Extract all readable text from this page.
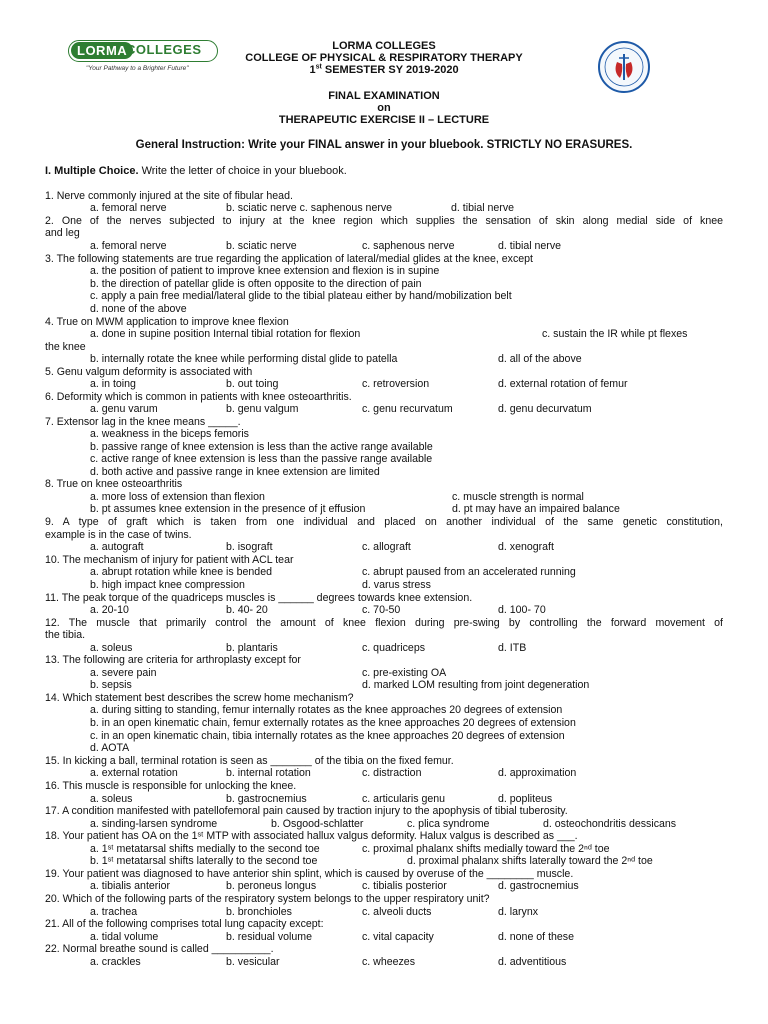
LORMA
COLLEGES
"Your Pathway to a Brighter Future"
LORMA COLLEGES
COLLEGE OF PHYSICAL & RESPIRATORY THERAPY
1st SEMESTER SY 2019-2020
FINAL EXAMINATION
on
THERAPEUTIC EXERCISE II – LECTURE
General Instruction: Write your FINAL answer in your bluebook. STRICTLY NO ERASURES.
I. Multiple Choice. Write the letter of choice in your bluebook.
1. Nerve commonly injured at the site of fibular head.
a. femoral nerve	b. sciatic nerve c. saphenous nerve	d. tibial nerve
2. One of the nerves subjected to injury at the knee region which supplies the sensation of skin along medial side of knee
and leg
a. femoral nerve	b. sciatic nerve	c. saphenous nerve	d. tibial nerve
3. The following statements are true regarding the application of lateral/medial glides at the knee, except
a. the position of patient to improve knee extension and flexion is in supine
b. the direction of patellar glide is often opposite to the direction of pain
c. apply a pain free medial/lateral glide to the tibial plateau either by hand/mobilization belt
d. none of the above
4. True on MWM application to improve knee flexion
a. done in supine position Internal tibial rotation for flexion	c. sustain the IR while pt flexes
the knee
b. internally rotate the knee while performing distal glide to patella	d. all of the above
5. Genu valgum deformity is associated with
a. in toing	b. out toing	c. retroversion	d. external rotation of femur
6. Deformity which is common in patients with knee osteoarthritis.
a. genu varum	b. genu valgum	c. genu recurvatum	d. genu decurvatum
7. Extensor lag in the knee means _____.
a. weakness in the biceps femoris
b. passive range of knee extension is less than the active range available
c. active range of knee extension is less than the passive range available
d. both active and passive range in knee extension are limited
8. True on knee osteoarthritis
a. more loss of extension than flexion	c. muscle strength is normal
b. pt assumes knee extension in the presence of jt effusion	d. pt may have an impaired balance
9. A type of graft which is taken from one individual and placed on another individual of the same genetic constitution,
example is in the case of twins.
a. autograft	b. isograft	c. allograft	d. xenograft
10. The mechanism of injury for patient with ACL tear
a. abrupt rotation while knee is bended	c. abrupt paused from an accelerated running
b. high impact knee compression	d. varus stress
11. The peak torque of the quadriceps muscles is ______ degrees towards knee extension.
a. 20-10	b. 40- 20	c. 70-50	d. 100- 70
12. The muscle that primarily control the amount of knee flexion during pre-swing by controlling the forward movement of
the tibia.
a. soleus	b. plantaris	c. quadriceps	d. ITB
13. The following are criteria for arthroplasty except for
a. severe pain	c. pre-existing OA
b. sepsis	d. marked LOM resulting from joint degeneration
14. Which statement best describes the screw home mechanism?
a. during sitting to standing, femur internally rotates as the knee approaches 20 degrees of extension
b. in an open kinematic chain, femur externally rotates as the knee approaches 20 degrees of extension
c. in an open kinematic chain, tibia internally rotates as the knee approaches 20 degrees of extension
d. AOTA
15. In kicking a ball, terminal rotation is seen as _______ of the tibia on the fixed femur.
a. external rotation	b. internal rotation	c. distraction	d. approximation
16. This muscle is responsible for unlocking the knee.
a. soleus	b. gastrocnemius	c. articularis genu	d. popliteus
17. A condition manifested with patellofemoral pain caused by traction injury to the apophysis of tibial tuberosity.
a. sinding-larsen syndrome	b. Osgood-schlatter	c. plica syndrome	d. osteochondritis dessicans
18. Your patient has OA on the 1ˢᵗ MTP with associated hallux valgus deformity. Halux valgus is described as ___.
a. 1ˢᵗ metatarsal shifts medially to the second toe	c. proximal phalanx shifts medially toward the 2ⁿᵈ toe
b. 1ˢᵗ metatarsal shifts laterally to the second toe	d. proximal phalanx shifts laterally toward the 2ⁿᵈ toe
19. Your patient was diagnosed to have anterior shin splint, which is caused by overuse of the ________ muscle.
a. tibialis anterior	b. peroneus longus	c. tibialis posterior	d. gastrocnemius
20. Which of the following parts of the respiratory system belongs to the upper respiratory unit?
a. trachea	b. bronchioles	c. alveoli ducts	d. larynx
21. All of the following comprises total lung capacity except:
a. tidal volume	b. residual volume	c. vital capacity	d. none of these
22. Normal breathe sound is called __________.
a. crackles	b. vesicular	c. wheezes	d. adventitious
